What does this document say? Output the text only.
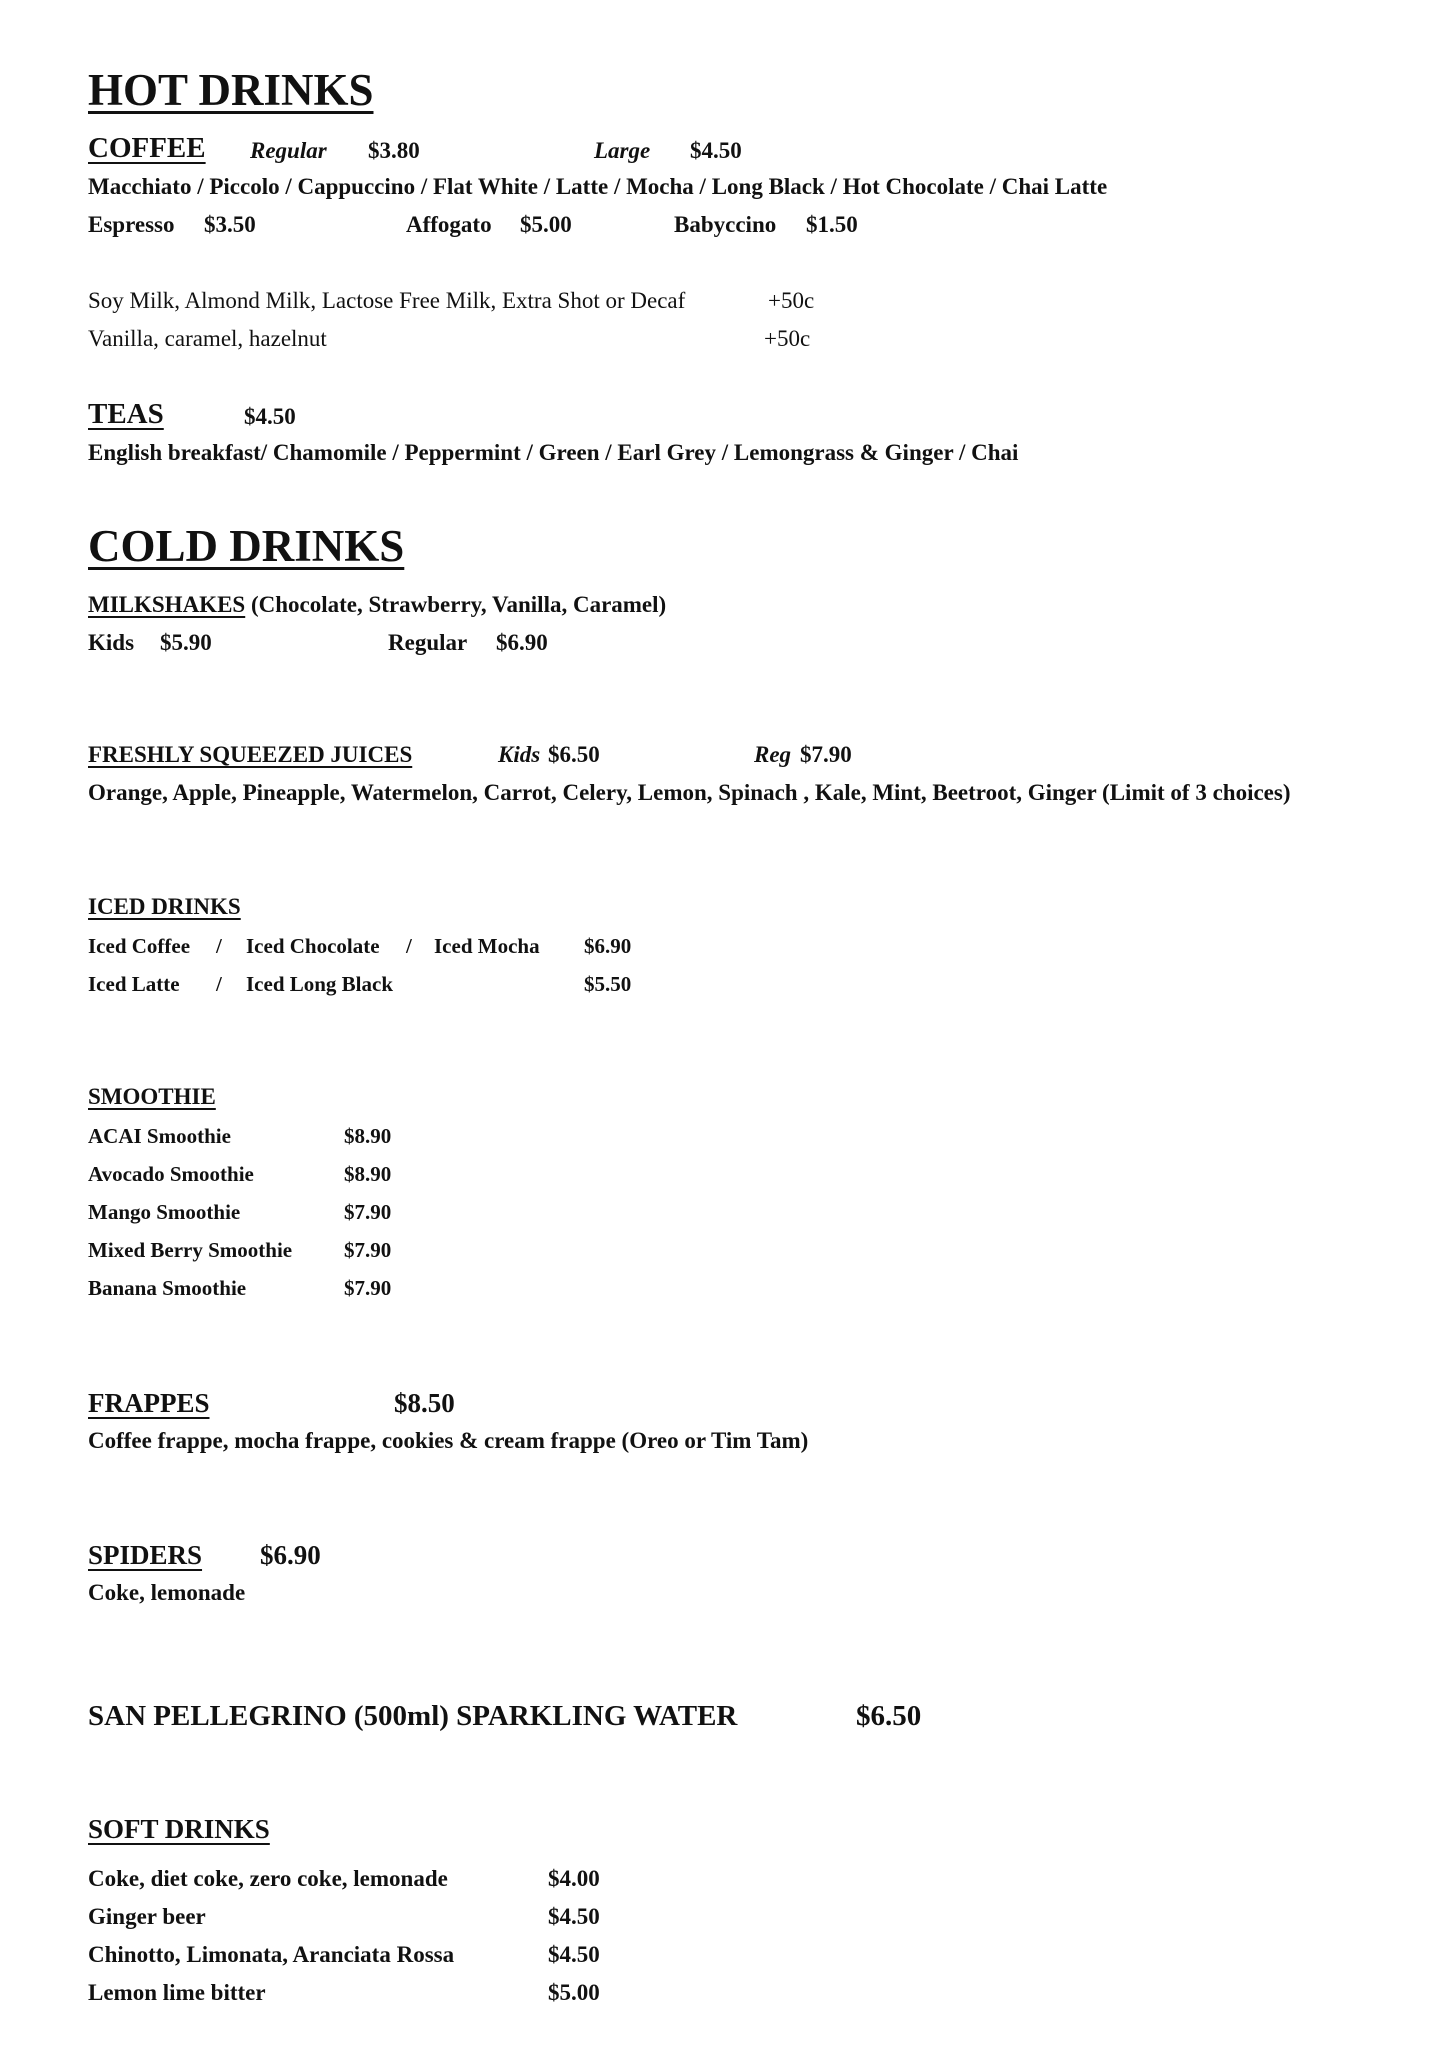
HOT DRINKS
COFFEE Regular $3.80	Large $4.50
Macchiato / Piccolo / Cappuccino / Flat White / Latte / Mocha / Long Black / Hot Chocolate / Chai Latte
Espresso $3.50	Affogato $5.00	Babyccino $1.50
Soy Milk, Almond Milk, Lactose Free Milk, Extra Shot or Decaf	+50c
Vanilla, caramel, hazelnut	+50c
TEAS	$4.50
English breakfast/ Chamomile / Peppermint / Green / Earl Grey / Lemongrass & Ginger / Chai
COLD DRINKS
MILKSHAKES (Chocolate, Strawberry, Vanilla, Caramel)
Kids $5.90	Regular $6.90
FRESHLY SQUEEZED JUICES	Kids $6.50	Reg $7.90
Orange, Apple, Pineapple, Watermelon, Carrot, Celery, Lemon, Spinach , Kale, Mint, Beetroot, Ginger (Limit of 3 choices)
ICED DRINKS
Iced Coffee / Iced Chocolate / Iced Mocha $6.90
Iced Latte / Iced Long Black	$5.50
SMOOTHIE
ACAI Smoothie	$8.90
Avocado Smoothie	$8.90
Mango Smoothie	$7.90
Mixed Berry Smoothie $7.90
Banana Smoothie	$7.90
FRAPPES	$8.50
Coffee frappe, mocha frappe, cookies & cream frappe (Oreo or Tim Tam)
SPIDERS $6.90
Coke, lemonade
SAN PELLEGRINO (500ml) SPARKLING WATER	$6.50
SOFT DRINKS
Coke, diet coke, zero coke, lemonade	$4.00
Ginger beer	$4.50
Chinotto, Limonata, Aranciata Rossa	$4.50
Lemon lime bitter	$5.00
